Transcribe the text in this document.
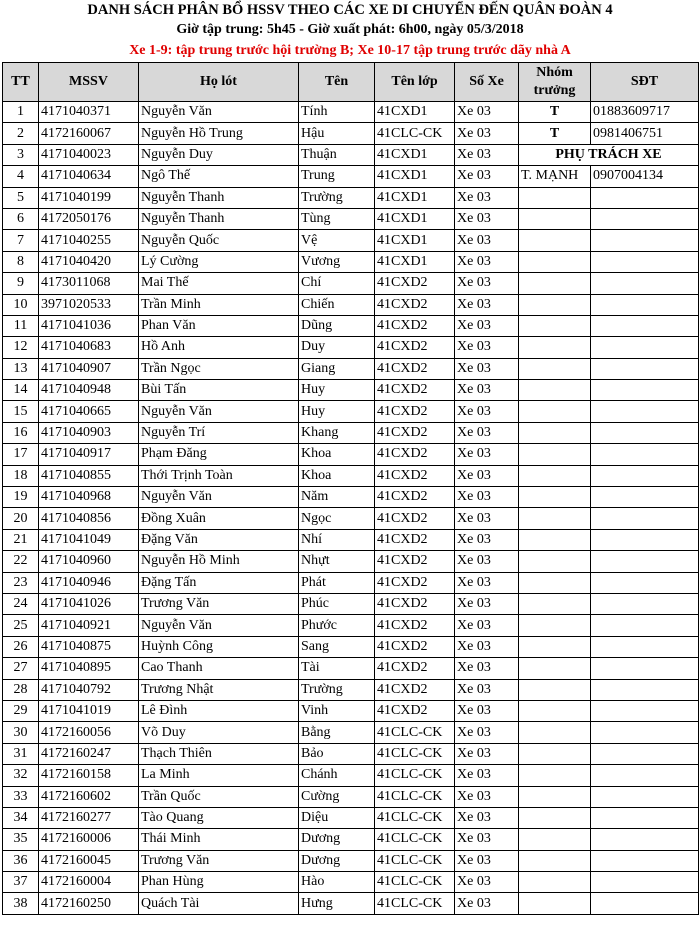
DANH SÁCH PHÂN BỔ HSSV THEO CÁC XE DI CHUYỂN ĐẾN QUÂN ĐOÀN 4
Giờ tập trung: 5h45 - Giờ xuất phát: 6h00, ngày 05/3/2018
Xe 1-9: tập trung trước hội trường B; Xe 10-17 tập trung trước dãy nhà A
TT	MSSV	Họ lót	Tên	Tên lớp	Số Xe	Nhóm trưởng	SĐT
1	4171040371	Nguyễn Văn	Tính	41CXD1	Xe 03	T	01883609717
2	4172160067	Nguyễn Hồ Trung	Hậu	41CLC-CK	Xe 03	T	0981406751
3	4171040023	Nguyễn Duy	Thuận	41CXD1	Xe 03	PHỤ TRÁCH XE	
4	4171040634	Ngô Thế	Trung	41CXD1	Xe 03	T. MẠNH	0907004134
5	4171040199	Nguyễn Thanh	Trường	41CXD1	Xe 03		
6	4172050176	Nguyễn Thanh	Tùng	41CXD1	Xe 03		
7	4171040255	Nguyễn Quốc	Vệ	41CXD1	Xe 03		
8	4171040420	Lý Cường	Vương	41CXD1	Xe 03		
9	4173011068	Mai Thế	Chí	41CXD2	Xe 03		
10	3971020533	Trần Minh	Chiến	41CXD2	Xe 03		
11	4171041036	Phan Văn	Dũng	41CXD2	Xe 03		
12	4171040683	Hồ Anh	Duy	41CXD2	Xe 03		
13	4171040907	Trần Ngọc	Giang	41CXD2	Xe 03		
14	4171040948	Bùi Tấn	Huy	41CXD2	Xe 03		
15	4171040665	Nguyễn Văn	Huy	41CXD2	Xe 03		
16	4171040903	Nguyễn Trí	Khang	41CXD2	Xe 03		
17	4171040917	Phạm Đăng	Khoa	41CXD2	Xe 03		
18	4171040855	Thới Trịnh Toàn	Khoa	41CXD2	Xe 03		
19	4171040968	Nguyễn Văn	Năm	41CXD2	Xe 03		
20	4171040856	Đồng Xuân	Ngọc	41CXD2	Xe 03		
21	4171041049	Đặng Văn	Nhí	41CXD2	Xe 03		
22	4171040960	Nguyễn Hồ Minh	Nhựt	41CXD2	Xe 03		
23	4171040946	Đặng Tấn	Phát	41CXD2	Xe 03		
24	4171041026	Trương Văn	Phúc	41CXD2	Xe 03		
25	4171040921	Nguyễn Văn	Phước	41CXD2	Xe 03		
26	4171040875	Huỳnh Công	Sang	41CXD2	Xe 03		
27	4171040895	Cao Thanh	Tài	41CXD2	Xe 03		
28	4171040792	Trương Nhật	Trường	41CXD2	Xe 03		
29	4171041019	Lê Đình	Vinh	41CXD2	Xe 03		
30	4172160056	Võ Duy	Bằng	41CLC-CK	Xe 03		
31	4172160247	Thạch Thiên	Bảo	41CLC-CK	Xe 03		
32	4172160158	La Minh	Chánh	41CLC-CK	Xe 03		
33	4172160602	Trần Quốc	Cường	41CLC-CK	Xe 03		
34	4172160277	Tào Quang	Diệu	41CLC-CK	Xe 03		
35	4172160006	Thái Minh	Dương	41CLC-CK	Xe 03		
36	4172160045	Trương Văn	Dương	41CLC-CK	Xe 03		
37	4172160004	Phan Hùng	Hào	41CLC-CK	Xe 03		
38	4172160250	Quách Tài	Hưng	41CLC-CK	Xe 03		
